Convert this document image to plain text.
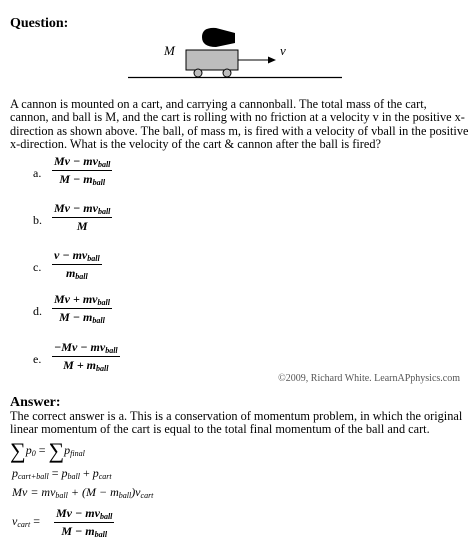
Question:
M	v
A cannon is mounted on a cart, and carrying a cannonball. The total mass of the cart,
cannon, and ball is M, and the cart is rolling with no friction at a velocity v in the positive x-
direction as shown above. The ball, of mass m, is fired with a velocity of vball in the positive
x-direction. What is the velocity of the cart & cannon after the ball is fired?
a.
$Mv - mv_{ball}$
$M - m_{ball}$
b.
$Mv - mv_{ball}$
M
c.
$v - mv_{ball}$
$m_{ball}$
d.
$Mv + mv_{ball}$
$M - m_{ball}$
e.
$-Mv - mv_{ball}$
$M + m_{ball}$
©2009, Richard White. LearnAPphysics.com
Answer:
The correct answer is a. This is a conservation of momentum problem, in which the original
linear momentum of the cart is equal to the total final momentum of the ball and cart.
$\sum p_0 = \sum p_{final}$
$p_{cart+ball} = p_{ball} + p_{cart}$
$Mv = mv_{ball} + (M - m_{ball})v_{cart}$
$v_{cart}$ =
$Mv - mv_{ball}$
$M - m_{ball}$
